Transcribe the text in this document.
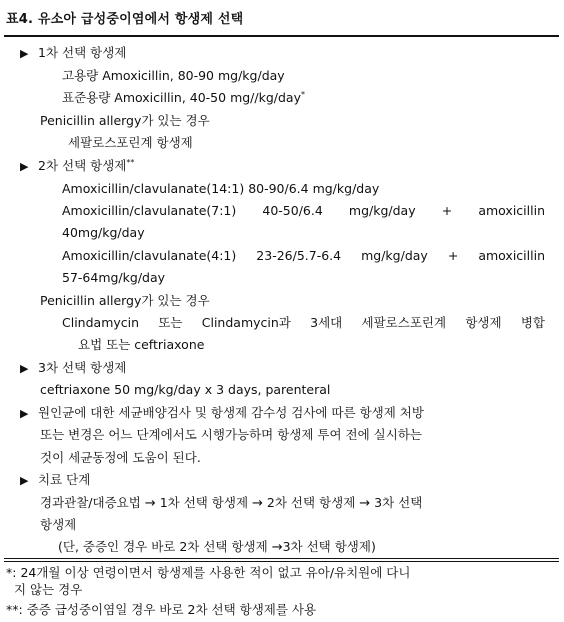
표4. 유소아 급성중이염에서 항생제 선택
▶ 1차 선택 항생제
고용량 Amoxicillin, 80-90 mg/kg/day
표준용량 Amoxicillin, 40-50 mg//kg/day*
Penicillin allergy가 있는 경우
세팔로스포린계 항생제
▶ 2차 선택 항생제**
Amoxicillin/clavulanate(14:1) 80-90/6.4 mg/kg/day
Amoxicillin/clavulanate(7:1) 40-50/6.4 mg/kg/day + amoxicillin
40mg/kg/day
Amoxicillin/clavulanate(4:1) 23-26/5.7-6.4 mg/kg/day + amoxicillin
57-64mg/kg/day
Penicillin allergy가 있는 경우
Clindamycin 또는 Clindamycin과 3세대 세팔로스포린계 항생제 병합
요법 또는 ceftriaxone
▶ 3차 선택 항생제
ceftriaxone 50 mg/kg/day x 3 days, parenteral
▶ 원인균에 대한 세균배양검사 및 항생제 감수성 검사에 따른 항생제 처방
또는 변경은 어느 단계에서도 시행가능하며 항생제 투여 전에 실시하는
것이 세균동정에 도움이 된다.
▶ 치료 단계
경과관찰/대증요법 → 1차 선택 항생제 → 2차 선택 항생제 → 3차 선택
항생제
(단, 중증인 경우 바로 2차 선택 항생제 →3차 선택 항생제)
*: 24개월 이상 연령이면서 항생제를 사용한 적이 없고 유아/유치원에 다니
지 않는 경우
**: 중증 급성중이염일 경우 바로 2차 선택 항생제를 사용
